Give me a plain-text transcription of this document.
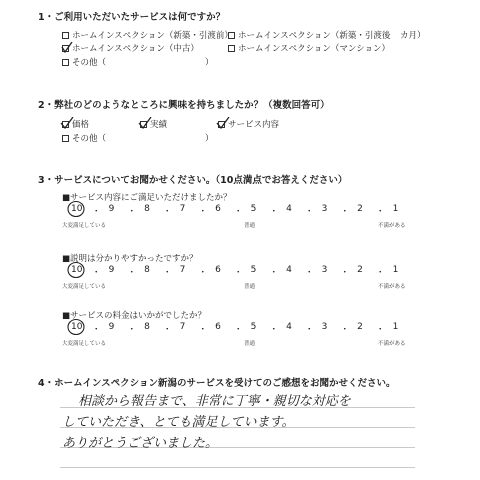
1・ご利用いただいたサービスは何ですか？
ホームインスペクション（新築・引渡前） ホームインスペクション（新築・引渡後 カ月）
ホームインスペクション（中古）	ホームインスペクション（マンション）
その他（	）
2・弊社のどのようなところに興味を持ちましたか？（複数回答可）
価格	実績	サービス内容
その他（	）
3・サービスについてお聞かせください。（10点満点でお答えください）
■サービス内容にご満足いただけましたか？
10 ・ 9 ・ 8 ・ 7 ・ 6 ・ 5 ・ 4 ・ 3 ・ 2 ・ 1
大変満足している	普通	不満がある
■説明は分かりやすかったですか？
10 ・ 9 ・ 8 ・ 7 ・ 6 ・ 5 ・ 4 ・ 3 ・ 2 ・ 1
大変満足している	普通	不満がある
■サービスの料金はいかがでしたか？
10 ・ 9 ・ 8 ・ 7 ・ 6 ・ 5 ・ 4 ・ 3 ・ 2 ・ 1
大変満足している	普通	不満がある
4・ホームインスペクション新潟のサービスを受けてのご感想をお聞かせください。
相談から報告まで、非常に丁寧・親切な対応を
していただき、とても満足しています。
ありがとうございました。
